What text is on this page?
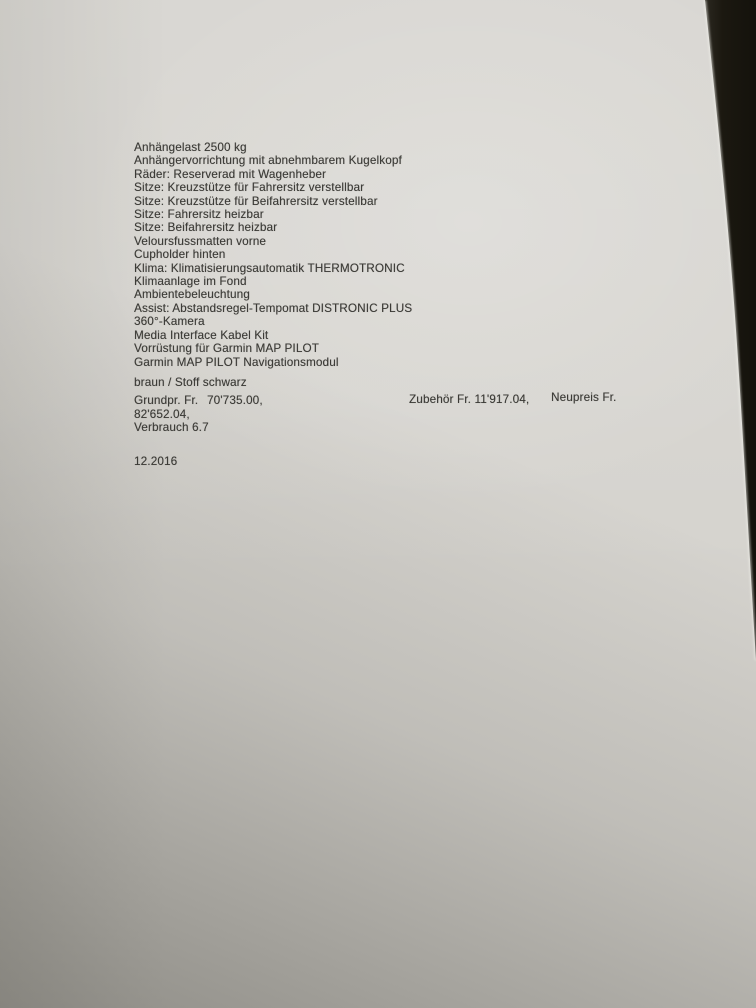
Anhängelast 2500 kg
Anhängervorrichtung mit abnehmbarem Kugelkopf
Räder: Reserverad mit Wagenheber
Sitze: Kreuzstütze für Fahrersitz verstellbar
Sitze: Kreuzstütze für Beifahrersitz verstellbar
Sitze: Fahrersitz heizbar
Sitze: Beifahrersitz heizbar
Veloursfussmatten vorne
Cupholder hinten
Klima: Klimatisierungsautomatik THERMOTRONIC
Klimaanlage im Fond
Ambientebeleuchtung
Assist: Abstandsregel-Tempomat DISTRONIC PLUS
360°-Kamera
Media Interface Kabel Kit
Vorrüstung für Garmin MAP PILOT
Garmin MAP PILOT Navigationsmodul
braun / Stoff schwarz
Grundpr. Fr. 70'735.00,	Zubehör Fr. 11'917.04, Neupreis Fr.
82'652.04,
Verbrauch 6.7
12.2016
